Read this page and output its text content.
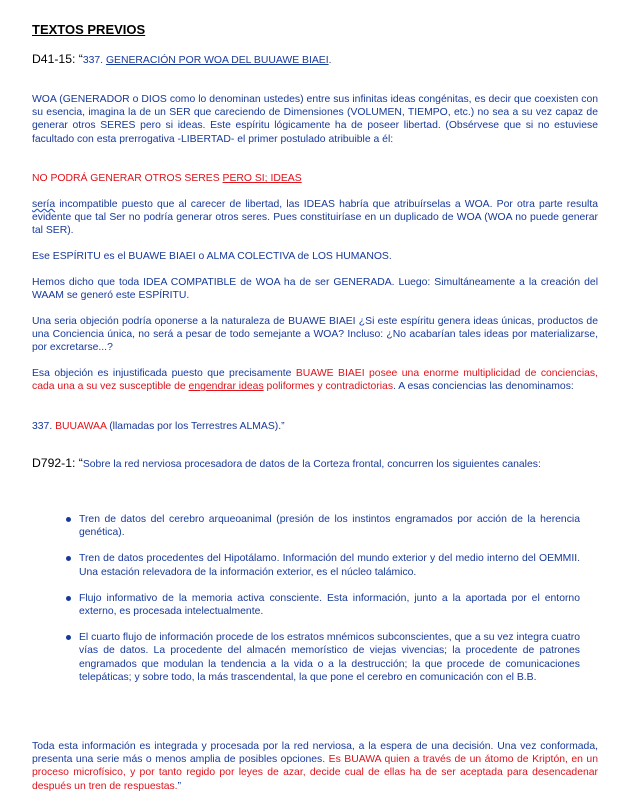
TEXTOS PREVIOS

D41-15: “337. GENERACIÓN POR WOA DEL BUUAWE BIAEI.

WOA (GENERADOR o DIOS como lo denominan ustedes) entre sus infinitas ideas congénitas, es decir que coexisten con su esencia, imagina la de un SER que careciendo de Dimensiones (VOLUMEN, TIEMPO, etc.) no sea a su vez capaz de generar otros SERES pero si ideas. Este espíritu lógicamente ha de poseer libertad. (Obsérvese que si no estuviese facultado con esta prerrogativa -LIBERTAD- el primer postulado atribuible a él:

NO PODRÁ GENERAR OTROS SERES PERO SI; IDEAS

sería incompatible puesto que al carecer de libertad, las IDEAS habría que atribuírselas a WOA. Por otra parte resulta evidente que tal Ser no podría generar otros seres. Pues constituiríase en un duplicado de WOA (WOA no puede generar tal SER).

Ese ESPÍRITU es el BUAWE BIAEI o ALMA COLECTIVA de LOS HUMANOS.

Hemos dicho que toda IDEA COMPATIBLE de WOA ha de ser GENERADA. Luego: Simultáneamente a la creación del WAAM se generó este ESPÍRITU.

Una seria objeción podría oponerse a la naturaleza de BUAWE BIAEI ¿Si este espíritu genera ideas únicas, productos de una Conciencia única, no será a pesar de todo semejante a WOA? Incluso: ¿No acabarían tales ideas por materializarse, por excretarse...?

Esa objeción es injustificada puesto que precisamente BUAWE BIAEI posee una enorme multiplicidad de conciencias, cada una a su vez susceptible de engendrar ideas poliformes y contradictorias. A esas conciencias las denominamos:

337. BUUAWAA (llamadas por los Terrestres ALMAS).”

D792-1: “Sobre la red nerviosa procesadora de datos de la Corteza frontal, concurren los siguientes canales:

Tren de datos del cerebro arqueoanimal (presión de los instintos engramados por acción de la herencia genética).
Tren de datos procedentes del Hipotálamo. Información del mundo exterior y del medio interno del OEMMII. Una estación relevadora de la información exterior, es el núcleo talámico.
Flujo informativo de la memoria activa consciente. Esta información, junto a la aportada por el entorno externo, es procesada intelectualmente.
El cuarto flujo de información procede de los estratos mnémicos subconscientes, que a su vez integra cuatro vías de datos. La procedente del almacén memorístico de viejas vivencias; la procedente de patrones engramados que modulan la tendencia a la vida o a la destrucción; la que procede de comunicaciones telepáticas; y sobre todo, la más trascendental, la que pone el cerebro en comunicación con el B.B.

Toda esta información es integrada y procesada por la red nerviosa, a la espera de una decisión. Una vez conformada, presenta una serie más o menos amplia de posibles opciones. Es BUAWA quien a través de un átomo de Kriptón, en un proceso microfísico, y por tanto regido por leyes de azar, decide cual de ellas ha de ser aceptada para desencadenar después un tren de respuestas.”
